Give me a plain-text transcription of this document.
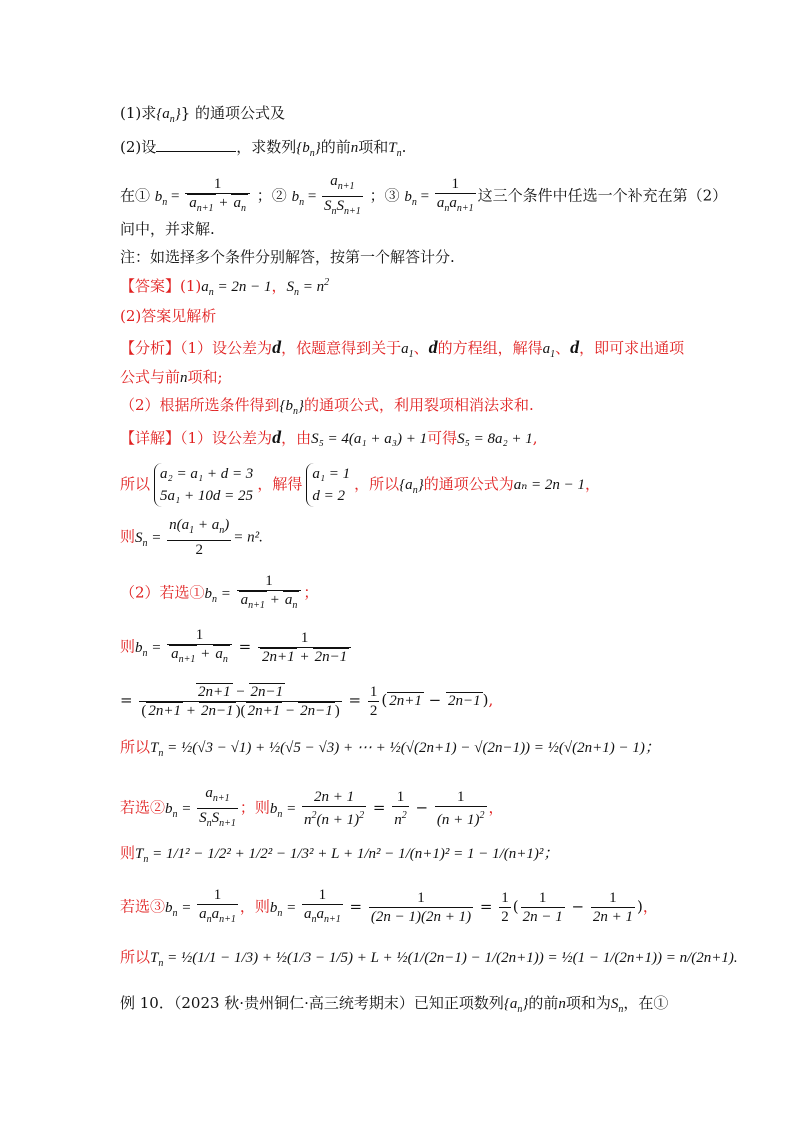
(1)求$\{a_n\}$} 的通项公式及
(2)设	，求数列$\{b_n\}$的前n项和$T_n$.
在① $b_n = \frac{1}{a_{n+1} + a_n}$ ；② $b_n = \frac{a_{n+1}}{S_nS_{n+1}}$ ；③ $b_n = \frac{1}{a_na_{n+1}}$ 这三个条件中任选一个补充在第（2）
问中，并求解.
注：如选择多个条件分别解答，按第一个解答计分.
【答案】$(1)a_n = 2n - 1$，$S_n = n^2$
(2)答案见解析
【分析】（1）设公差为d，依题意得到关于$a_1$、d的方程组，解得$a_1$、d，即可求出通项
公式与前n项和;
（2）根据所选条件得到$\{b_n\}$的通项公式，利用裂项相消法求和.
【详解】（1）设公差为d，由S₅ = 4(a₁ + a₃) + 1可得S₅ = 8a₂ + 1,
所以
a₂ = a₁ + d = 3
5a₁ + 10d = 25
，解得
a₁ = 1
d = 2
，所以$\{a_n\}$的通项公式为aₙ = 2n − 1，
则$S_n = \frac{n(a_1 + a_n)}{2} = n^2$.
（2）若选$①b_n = \frac{1}{a_{n+1} + a_n}$ ；
则$b_n = \frac{1}{a_{n+1} + a_n} = \frac{1}{2n+1 + 2n-1}$
= $\frac{2n+1 - 2n-1}{( 2n+1 + 2n-1 )( 2n+1 - 2n-1 )} = \frac{1}{2}$ ( 2n+1 − 2n−1 ),
所以$T_n$ = ½(√3 − √1) + ½(√5 − √3) + ⋯ + ½(√(2n+1) − √(2n−1)) = ½(√(2n+1) − 1)；
若选$②b_n = \frac{a_{n+1}}{S_nS_{n+1}}$ ；则$b_n = \frac{2n + 1}{n^2(n + 1)^2} = \frac{1}{n^2} - \frac{1}{(n + 1)^2}$ ，
则$T_n = 1/1^2 - 1/2^2 + 1/2^2 - 1/3^2 + L + 1/n^2 - 1/(n+1)^2 = 1 - 1/(n+1)^2$；
若选$③b_n = \frac{1}{a_na_{n+1}}$ ，则$b_n = \frac{1}{a_na_{n+1}} = \frac{1}{(2n - 1)(2n + 1)} = \frac{1}{2}$ ( $\frac{1}{2n - 1} - \frac{1}{2n + 1}$ )，
所以$T_n$ = ½(1/1 − 1/3) + ½(1/3 − 1/5) + L + ½(1/(2n−1) − 1/(2n+1)) = ½(1 − 1/(2n+1)) = n/(2n+1).
例 10．（2023 秋·贵州铜仁·高三统考期末）已知正项数列$\{a_n\}$的前n项和为$S_n$，在①
